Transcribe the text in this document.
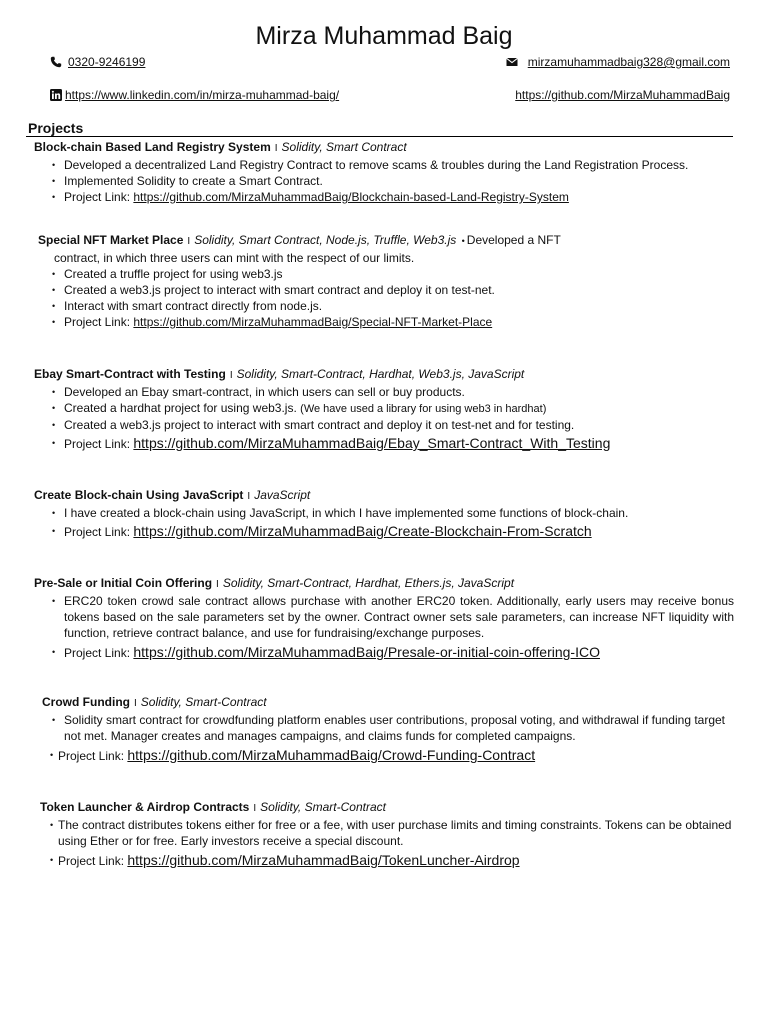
Mirza Muhammad Baig
0320-9246199	mirzamuhammadbaig328@gmail.com
https://www.linkedin.com/in/mirza-muhammad-baig/	https://github.com/MirzaMuhammadBaig
Projects
Block-chain Based Land Registry System I Solidity, Smart Contract
• Developed a decentralized Land Registry Contract to remove scams & troubles during the Land Registration Process.
• Implemented Solidity to create a Smart Contract.
• Project Link: https://github.com/MirzaMuhammadBaig/Blockchain-based-Land-Registry-System
Special NFT Market Place I Solidity, Smart Contract, Node.js, Truffle, Web3.js • Developed a NFT
contract, in which three users can mint with the respect of our limits.
• Created a truffle project for using web3.js
• Created a web3.js project to interact with smart contract and deploy it on test-net.
• Interact with smart contract directly from node.js.
• Project Link: https://github.com/MirzaMuhammadBaig/Special-NFT-Market-Place
Ebay Smart-Contract with Testing I Solidity, Smart-Contract, Hardhat, Web3.js, JavaScript
• Developed an Ebay smart-contract, in which users can sell or buy products.
• Created a hardhat project for using web3.js. (We have used a library for using web3 in hardhat)
• Created a web3.js project to interact with smart contract and deploy it on test-net and for testing.
• Project Link: https://github.com/MirzaMuhammadBaig/Ebay_Smart-Contract_With_Testing
Create Block-chain Using JavaScript I JavaScript
• I have created a block-chain using JavaScript, in which I have implemented some functions of block-chain.
• Project Link: https://github.com/MirzaMuhammadBaig/Create-Blockchain-From-Scratch
Pre-Sale or Initial Coin Offering I Solidity, Smart-Contract, Hardhat, Ethers.js, JavaScript
• ERC20 token crowd sale contract allows purchase with another ERC20 token. Additionally, early users may receive bonus tokens based on the sale parameters set by the owner. Contract owner sets sale parameters, can increase NFT liquidity with function, retrieve contract balance, and use for fundraising/exchange purposes.
• Project Link: https://github.com/MirzaMuhammadBaig/Presale-or-initial-coin-offering-ICO
Crowd Funding I Solidity, Smart-Contract
• Solidity smart contract for crowdfunding platform enables user contributions, proposal voting, and withdrawal if funding target not met. Manager creates and manages campaigns, and claims funds for completed campaigns.
• Project Link: https://github.com/MirzaMuhammadBaig/Crowd-Funding-Contract
Token Launcher & Airdrop Contracts I Solidity, Smart-Contract
• The contract distributes tokens either for free or a fee, with user purchase limits and timing constraints. Tokens can be obtained using Ether or for free. Early investors receive a special discount.
• Project Link: https://github.com/MirzaMuhammadBaig/TokenLuncher-Airdrop
